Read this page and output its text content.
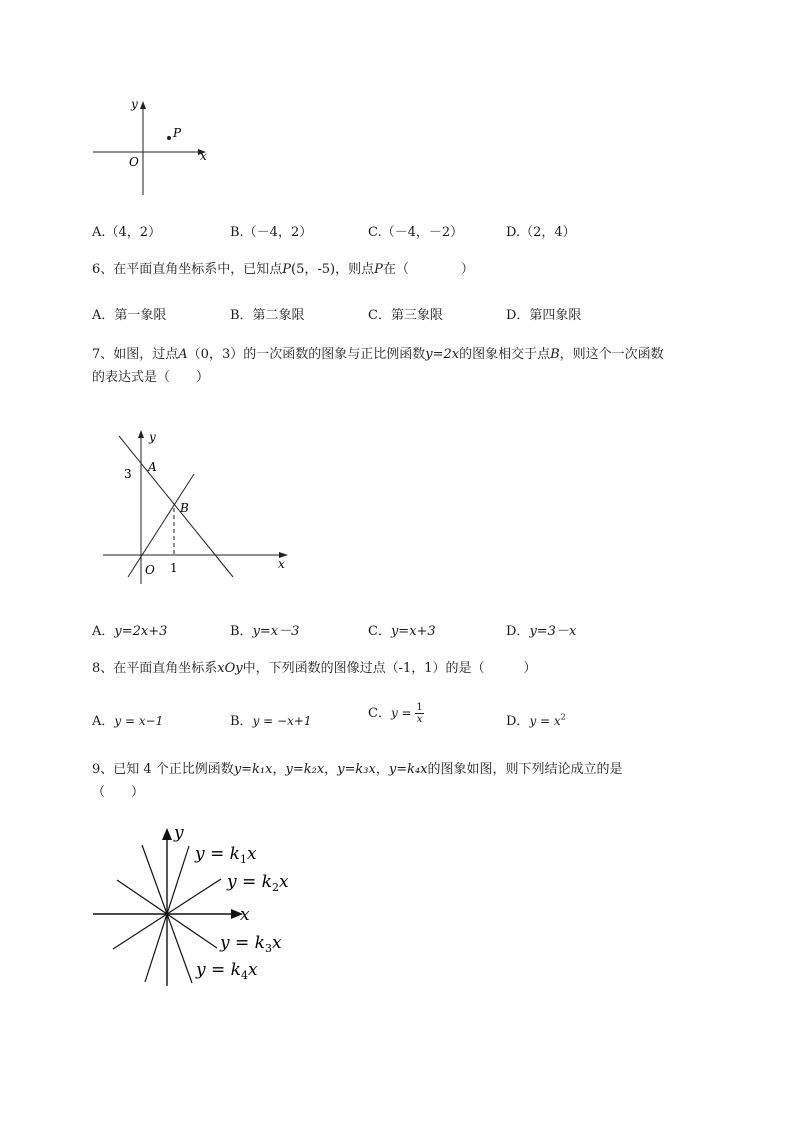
P
x
y
O
A.（4，2）	B.（－4，2）	C.（－4，－2）	D.（2，4）
6、在平面直角坐标系中，已知点P(5，-5)，则点P在（　　　　）
A．第一象限	B．第二象限	C．第三象限	D．第四象限
7、如图，过点A（0，3）的一次函数的图象与正比例函数y=2x的图象相交于点B，则这个一次函数
的表达式是（　　）
y
x
A
B
3
1
O
A．y=2x+3	B．y=x－3	C．y=x+3	D．y=3－x
8、在平面直角坐标系xOy中，下列函数的图像过点（-1，1）的是（　　　）
A．y = x−1	B．y = −x+1	C．$y = \frac{1}{x}$	D．$y = x^2$
9、已知 4 个正比例函数y=k₁x，y=k₂x，y=k₃x，y=k₄x的图象如图，则下列结论成立的是
（　　）
y
x
$y = k_1x$
$y = k_2x$
$y = k_3x$
$y = k_4x$
